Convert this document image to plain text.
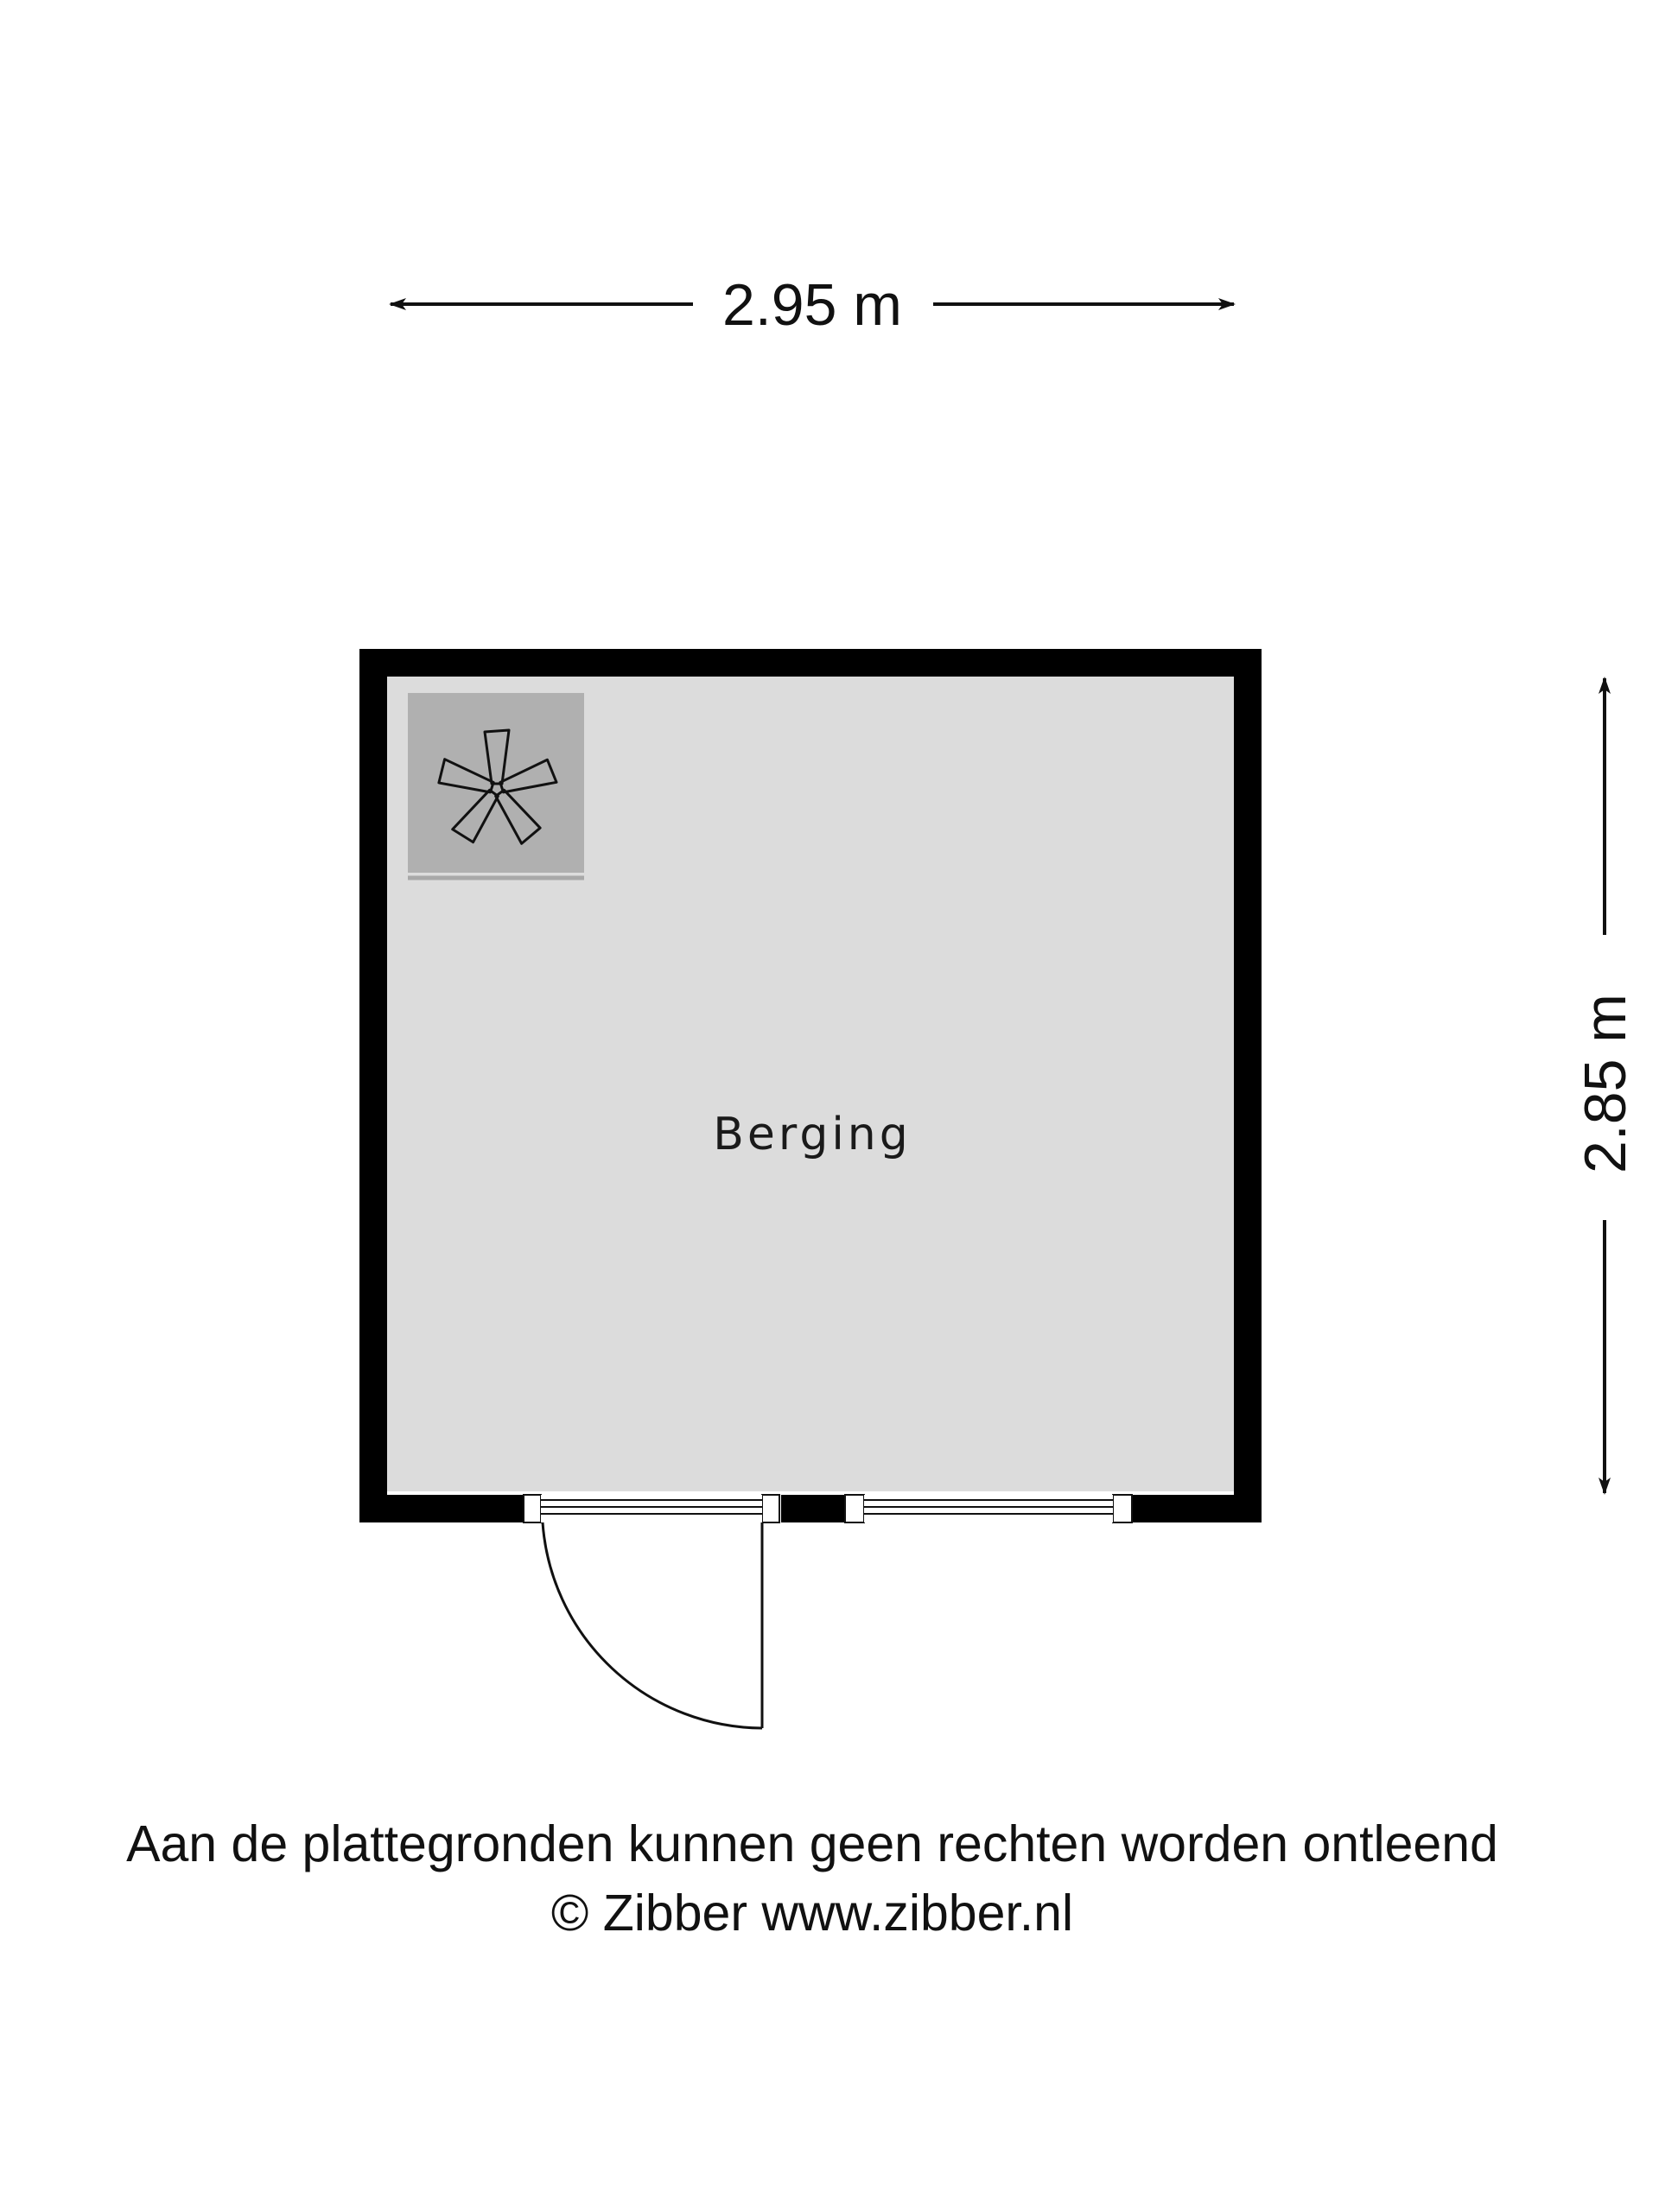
2.95 m
2.85 m
Berging
Aan de plattegronden kunnen geen rechten worden ontleend
© Zibber www.zibber.nl
